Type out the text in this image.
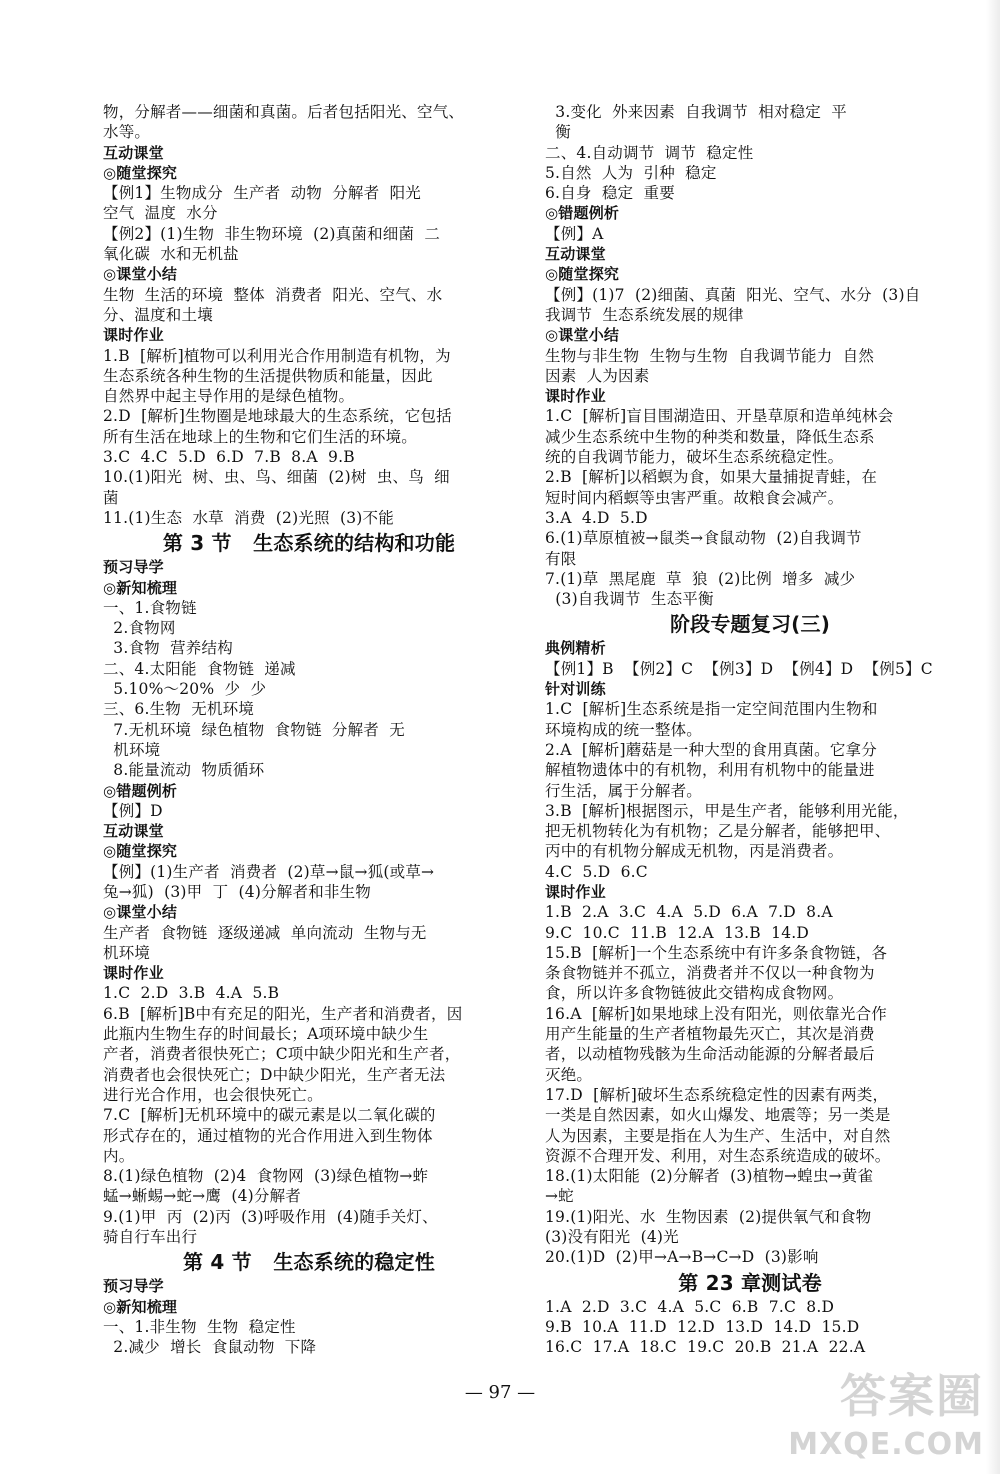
物，分解者——细菌和真菌。后者包括阳光、空气、
水等。
互动课堂
◎随堂探究
【例1】生物成分  生产者  动物  分解者  阳光
空气  温度  水分
【例2】(1)生物  非生物环境  (2)真菌和细菌  二
氧化碳  水和无机盐
◎课堂小结
生物  生活的环境  整体  消费者  阳光、空气、水
分、温度和土壤
课时作业
1.B  [解析]植物可以利用光合作用制造有机物，为
生态系统各种生物的生活提供物质和能量，因此
自然界中起主导作用的是绿色植物。
2.D  [解析]生物圈是地球最大的生态系统，它包括
所有生活在地球上的生物和它们生活的环境。
3.C  4.C  5.D  6.D  7.B  8.A  9.B
10.(1)阳光  树、虫、鸟、细菌  (2)树  虫、鸟  细
菌
11.(1)生态  水草  消费  (2)光照  (3)不能
第 3 节   生态系统的结构和功能
预习导学
◎新知梳理
一、1.食物链
2.食物网
3.食物  营养结构
二、4.太阳能  食物链  递减
5.10%～20%  少  少
三、6.生物  无机环境
7.无机环境  绿色植物  食物链  分解者  无
机环境
8.能量流动  物质循环
◎错题例析
【例】D
互动课堂
◎随堂探究
【例】(1)生产者  消费者  (2)草→鼠→狐(或草→
兔→狐)  (3)甲  丁  (4)分解者和非生物
◎课堂小结
生产者  食物链  逐级递减  单向流动  生物与无
机环境
课时作业
1.C  2.D  3.B  4.A  5.B
6.B  [解析]B中有充足的阳光，生产者和消费者，因
此瓶内生物生存的时间最长；A项环境中缺少生
产者，消费者很快死亡；C项中缺少阳光和生产者，
消费者也会很快死亡；D中缺少阳光，生产者无法
进行光合作用，也会很快死亡。
7.C  [解析]无机环境中的碳元素是以二氧化碳的
形式存在的，通过植物的光合作用进入到生物体
内。
8.(1)绿色植物  (2)4  食物网  (3)绿色植物→蚱
蜢→蜥蜴→蛇→鹰  (4)分解者
9.(1)甲  丙  (2)丙  (3)呼吸作用  (4)随手关灯、
骑自行车出行
第 4 节   生态系统的稳定性
预习导学
◎新知梳理
一、1.非生物  生物  稳定性
2.减少  增长  食鼠动物  下降
3.变化  外来因素  自我调节  相对稳定  平
衡
二、4.自动调节  调节  稳定性
5.自然  人为  引种  稳定
6.自身  稳定  重要
◎错题例析
【例】A
互动课堂
◎随堂探究
【例】(1)7  (2)细菌、真菌  阳光、空气、水分  (3)自
我调节  生态系统发展的规律
◎课堂小结
生物与非生物  生物与生物  自我调节能力  自然
因素  人为因素
课时作业
1.C  [解析]盲目围湖造田、开垦草原和造单纯林会
减少生态系统中生物的种类和数量，降低生态系
统的自我调节能力，破坏生态系统稳定性。
2.B  [解析]以稻螟为食，如果大量捕捉青蛙，在
短时间内稻螟等虫害严重。故粮食会减产。
3.A  4.D  5.D
6.(1)草原植被→鼠类→食鼠动物  (2)自我调节
有限
7.(1)草  黑尾鹿  草  狼  (2)比例  增多  减少
(3)自我调节  生态平衡
阶段专题复习(三)
典例精析
【例1】B  【例2】C  【例3】D  【例4】D  【例5】C
针对训练
1.C  [解析]生态系统是指一定空间范围内生物和
环境构成的统一整体。
2.A  [解析]蘑菇是一种大型的食用真菌。它拿分
解植物遗体中的有机物，利用有机物中的能量进
行生活，属于分解者。
3.B  [解析]根据图示，甲是生产者，能够利用光能，
把无机物转化为有机物；乙是分解者，能够把甲、
丙中的有机物分解成无机物，丙是消费者。
4.C  5.D  6.C
课时作业
1.B  2.A  3.C  4.A  5.D  6.A  7.D  8.A
9.C  10.C  11.B  12.A  13.B  14.D
15.B  [解析]一个生态系统中有许多条食物链，各
条食物链并不孤立，消费者并不仅以一种食物为
食，所以许多食物链彼此交错构成食物网。
16.A  [解析]如果地球上没有阳光，则依靠光合作
用产生能量的生产者植物最先灭亡，其次是消费
者，以动植物残骸为生命活动能源的分解者最后
灭绝。
17.D  [解析]破坏生态系统稳定性的因素有两类，
一类是自然因素，如火山爆发、地震等；另一类是
人为因素，主要是指在人为生产、生活中，对自然
资源不合理开发、利用，对生态系统造成的破坏。
18.(1)太阳能  (2)分解者  (3)植物→蝗虫→黄雀
→蛇
19.(1)阳光、水  生物因素  (2)提供氧气和食物
(3)没有阳光  (4)光
20.(1)D  (2)甲→A→B→C→D  (3)影响
第 23 章测试卷
1.A  2.D  3.C  4.A  5.C  6.B  7.C  8.D
9.B  10.A  11.D  12.D  13.D  14.D  15.D
16.C  17.A  18.C  19.C  20.B  21.A  22.A
— 97 —	答案圈
MXQE.COM
